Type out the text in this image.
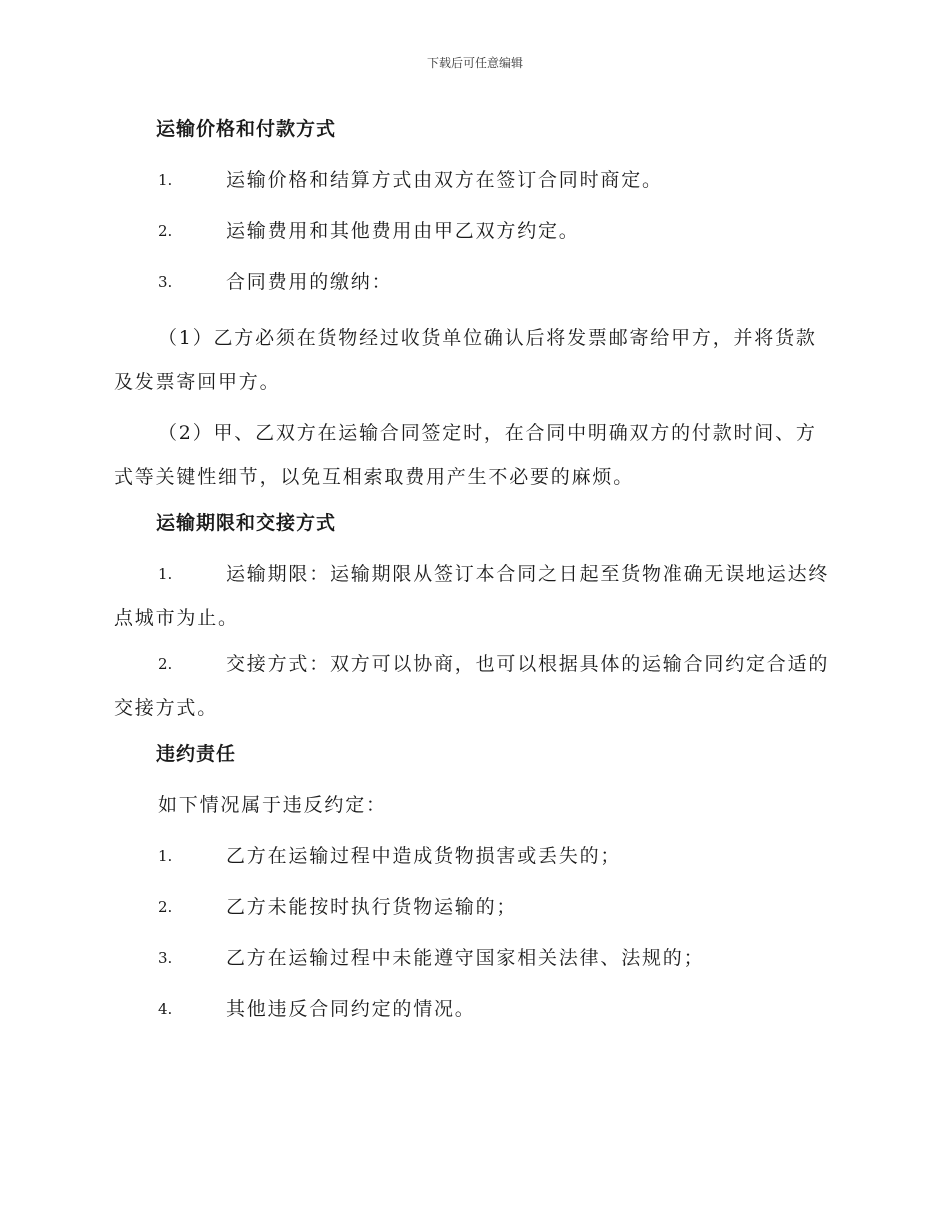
下载后可任意编辑
运输价格和付款方式
1.	运输价格和结算方式由双方在签订合同时商定。
2.	运输费用和其他费用由甲乙双方约定。
3.	合同费用的缴纳：
（1）乙方必须在货物经过收货单位确认后将发票邮寄给甲方，并将货款及发票寄回甲方。
（2）甲、乙双方在运输合同签定时，在合同中明确双方的付款时间、方式等关键性细节，以免互相索取费用产生不必要的麻烦。
运输期限和交接方式
1.	运输期限：运输期限从签订本合同之日起至货物准确无误地运达终点城市为止。
2.	交接方式：双方可以协商，也可以根据具体的运输合同约定合适的交接方式。
违约责任
如下情况属于违反约定：
1.	乙方在运输过程中造成货物损害或丢失的；
2.	乙方未能按时执行货物运输的；
3.	乙方在运输过程中未能遵守国家相关法律、法规的；
4.	其他违反合同约定的情况。
